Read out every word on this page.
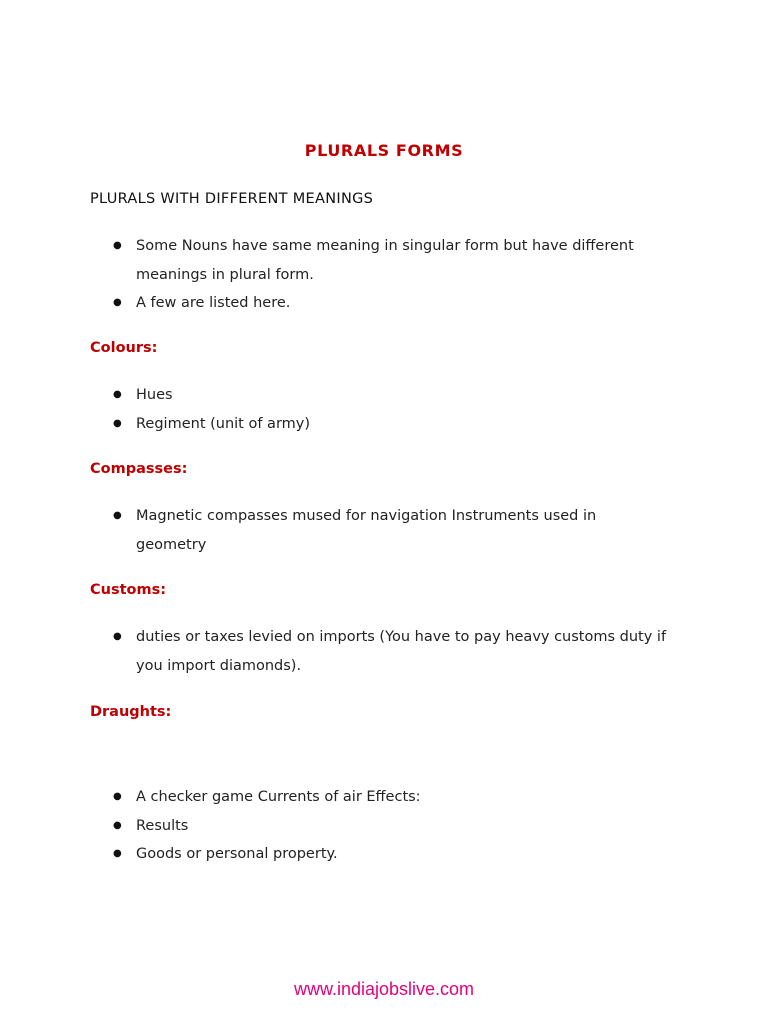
PLURALS FORMS
PLURALS WITH DIFFERENT MEANINGS
● Some Nouns have same meaning in singular form but have different meanings in plural form.
● A few are listed here.
Colours:
● Hues
● Regiment (unit of army)
Compasses:
● Magnetic compasses mused for navigation Instruments used in geometry
Customs:
● duties or taxes levied on imports (You have to pay heavy customs duty if you import diamonds).
Draughts:
● A checker game Currents of air Effects:
● Results
● Goods or personal property.
www.indiajobslive.com
